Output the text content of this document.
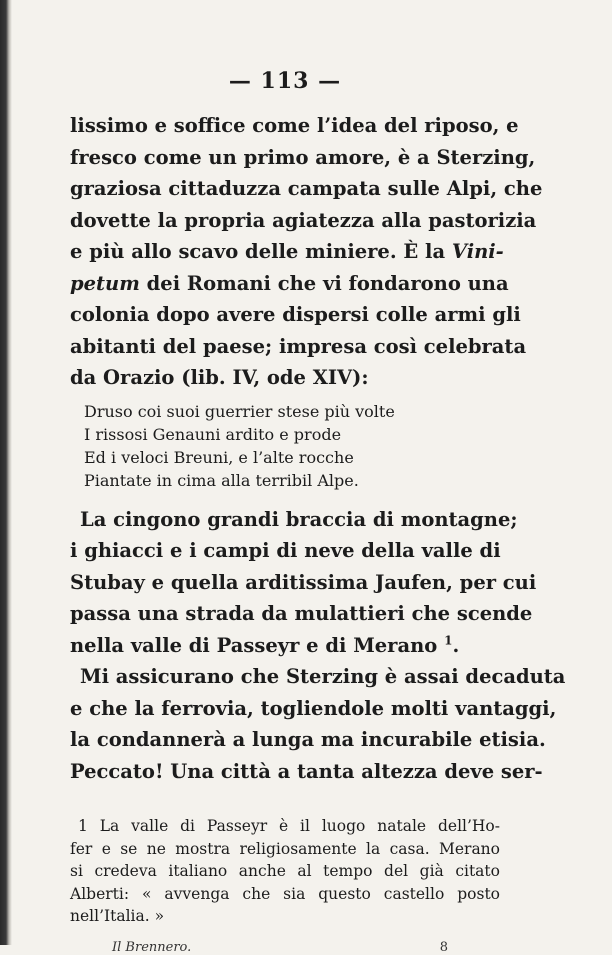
— 113 —

lissimo e soffice come l’idea del riposo, e
fresco come un primo amore, è a Sterzing,
graziosa cittaduzza campata sulle Alpi, che
dovette la propria agiatezza alla pastorizia
e più allo scavo delle miniere. È la Vini-
petum dei Romani che vi fondarono una
colonia dopo avere dispersi colle armi gli
abitanti del paese; impresa così celebrata
da Orazio (lib. IV, ode XIV):

Druso coi suoi guerrier stese più volte
I rissosi Genauni ardito e prode
Ed i veloci Breuni, e l’alte rocche
Piantate in cima alla terribil Alpe.

La cingono grandi braccia di montagne;
i ghiacci e i campi di neve della valle di
Stubay e quella arditissima Jaufen, per cui
passa una strada da mulattieri che scende
nella valle di Passeyr e di Merano $^1$.

Mi assicurano che Sterzing è assai decaduta
e che la ferrovia, togliendole molti vantaggi,
la condannerà a lunga ma incurabile etisia.
Peccato! Una città a tanta altezza deve ser-

1 La valle di Passeyr è il luogo natale dell’Ho-
fer e se ne mostra religiosamente la casa. Merano
si credeva italiano anche al tempo del già citato
Alberti: « avvenga che sia questo castello posto
nell’Italia. »
Il Brennero.	8
